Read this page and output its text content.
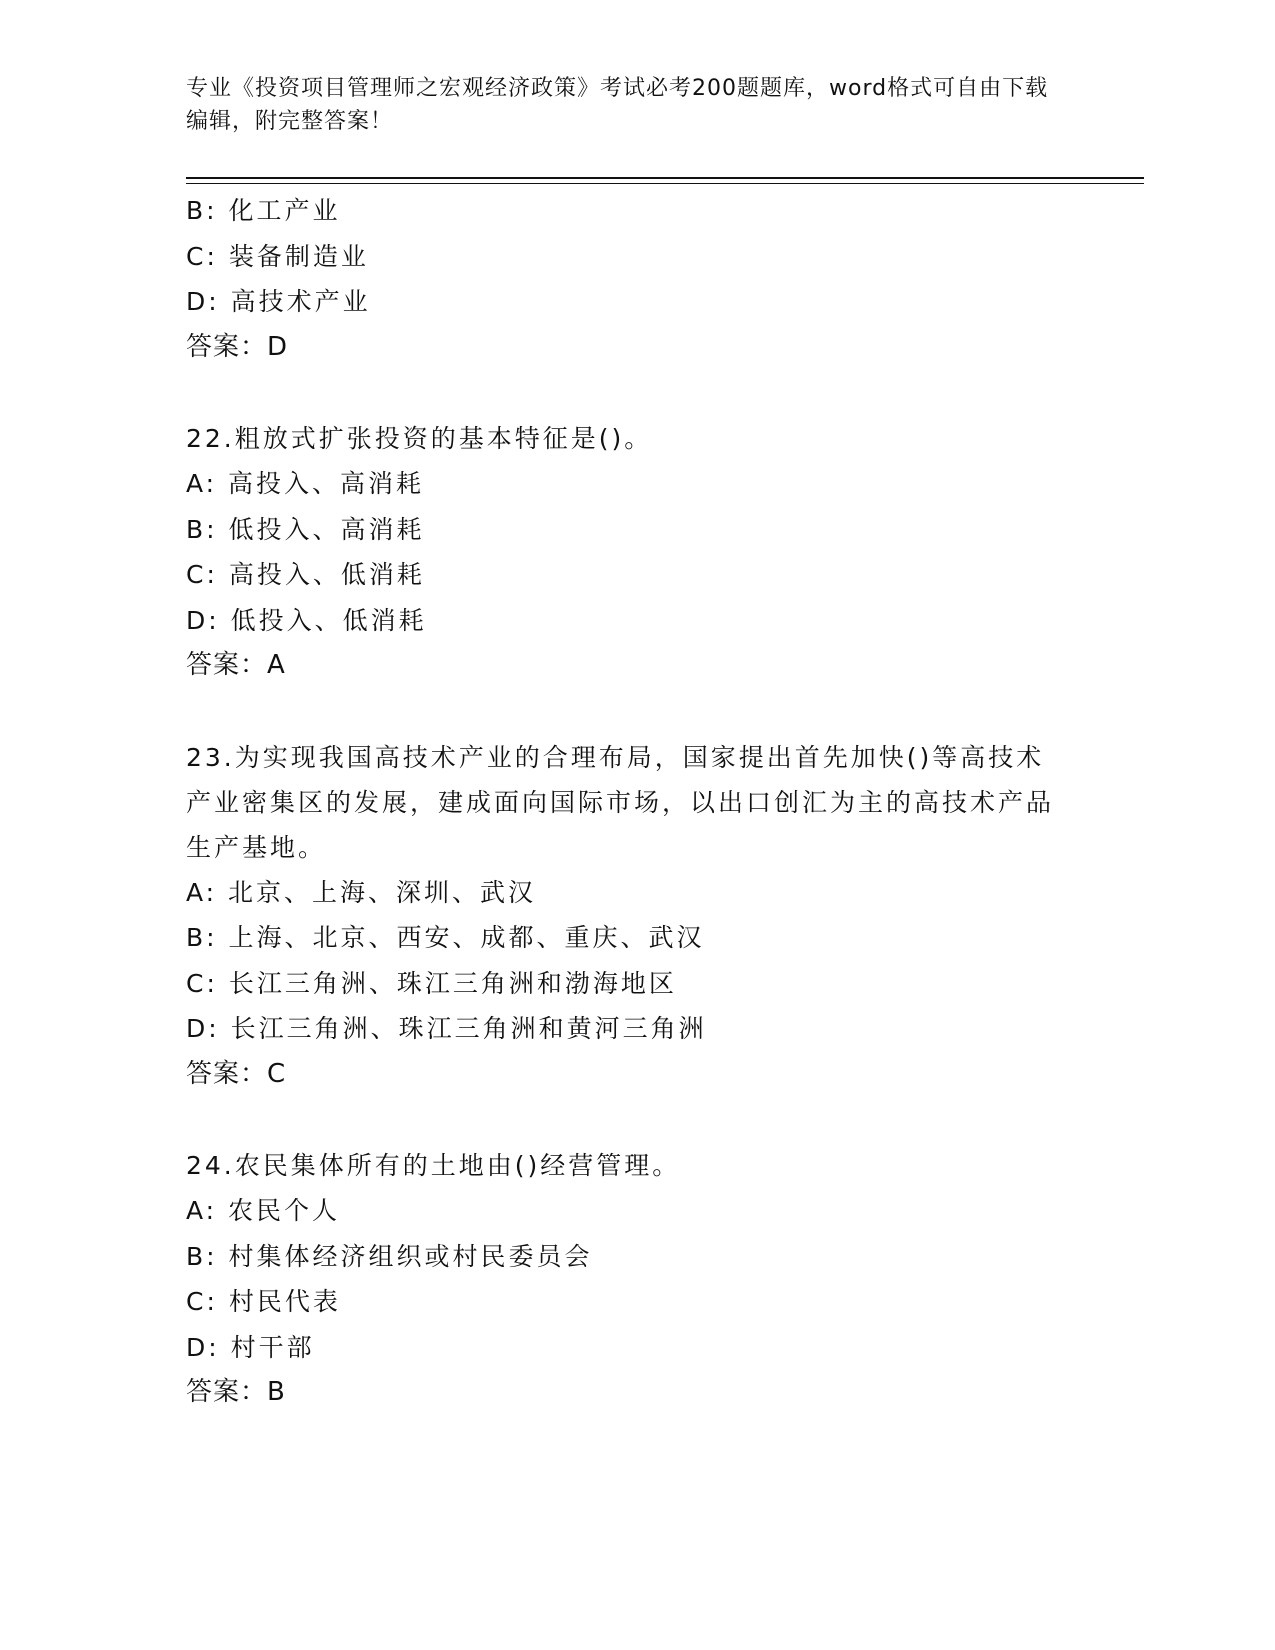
专业《投资项目管理师之宏观经济政策》考试必考200题题库，word格式可自由下载编辑，附完整答案！
B: 化工产业
C: 装备制造业
D: 高技术产业
答案：D
22.粗放式扩张投资的基本特征是()。
A: 高投入、高消耗
B: 低投入、高消耗
C: 高投入、低消耗
D: 低投入、低消耗
答案：A
23.为实现我国高技术产业的合理布局，国家提出首先加快()等高技术产业密集区的发展，建成面向国际市场，以出口创汇为主的高技术产品生产基地。
A: 北京、上海、深圳、武汉
B: 上海、北京、西安、成都、重庆、武汉
C: 长江三角洲、珠江三角洲和渤海地区
D: 长江三角洲、珠江三角洲和黄河三角洲
答案：C
24.农民集体所有的土地由()经营管理。
A: 农民个人
B: 村集体经济组织或村民委员会
C: 村民代表
D: 村干部
答案：B
